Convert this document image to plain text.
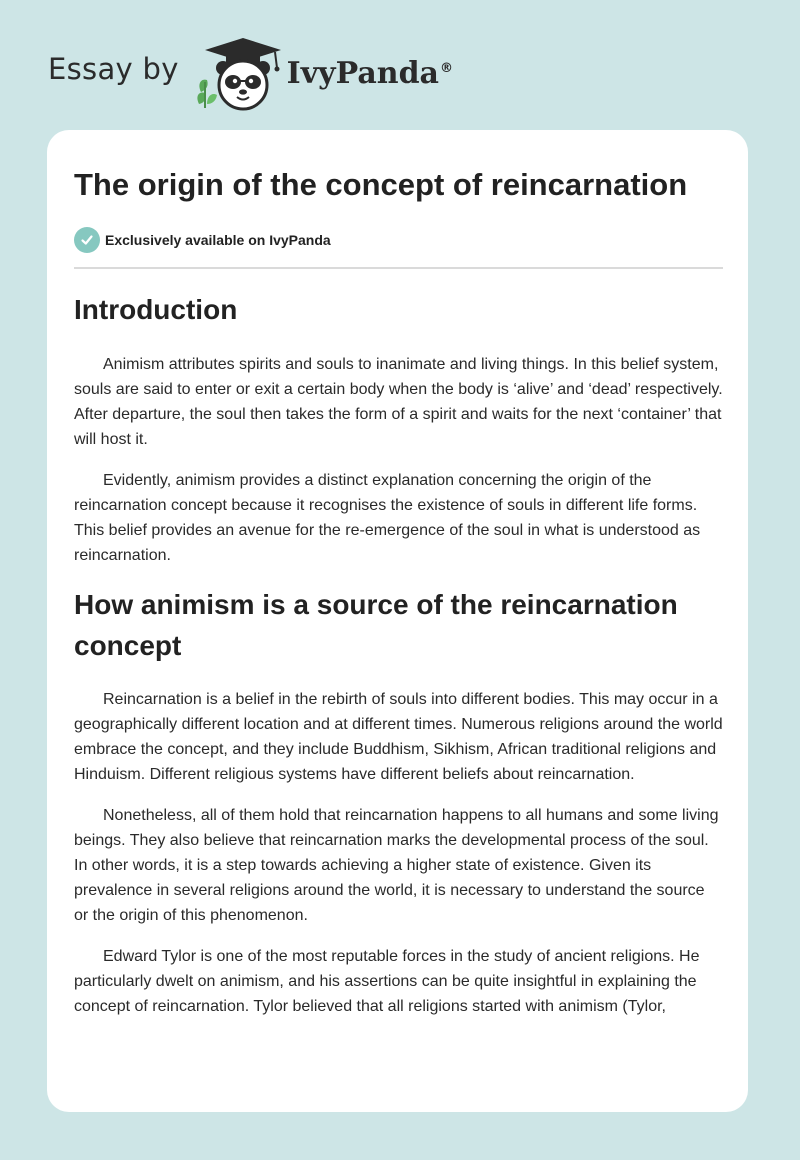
Essay by	IvyPanda®
The origin of the concept of reincarnation
Exclusively available on IvyPanda
Introduction

Animism attributes spirits and souls to inanimate and living things. In this belief system, souls are said to enter or exit a certain body when the body is ‘alive’ and ‘dead’ respectively. After departure, the soul then takes the form of a spirit and waits for the next ‘container’ that will host it.

Evidently, animism provides a distinct explanation concerning the origin of the reincarnation concept because it recognises the existence of souls in different life forms. This belief provides an avenue for the re-emergence of the soul in what is understood as reincarnation.

How animism is a source of the reincarnation concept

Reincarnation is a belief in the rebirth of souls into different bodies. This may occur in a geographically different location and at different times. Numerous religions around the world embrace the concept, and they include Buddhism, Sikhism, African traditional religions and Hinduism. Different religious systems have different beliefs about reincarnation.

Nonetheless, all of them hold that reincarnation happens to all humans and some living beings. They also believe that reincarnation marks the developmental process of the soul. In other words, it is a step towards achieving a higher state of existence. Given its prevalence in several religions around the world, it is necessary to understand the source or the origin of this phenomenon.

Edward Tylor is one of the most reputable forces in the study of ancient religions. He particularly dwelt on animism, and his assertions can be quite insightful in explaining the concept of reincarnation. Tylor believed that all religions started with animism (Tylor,
